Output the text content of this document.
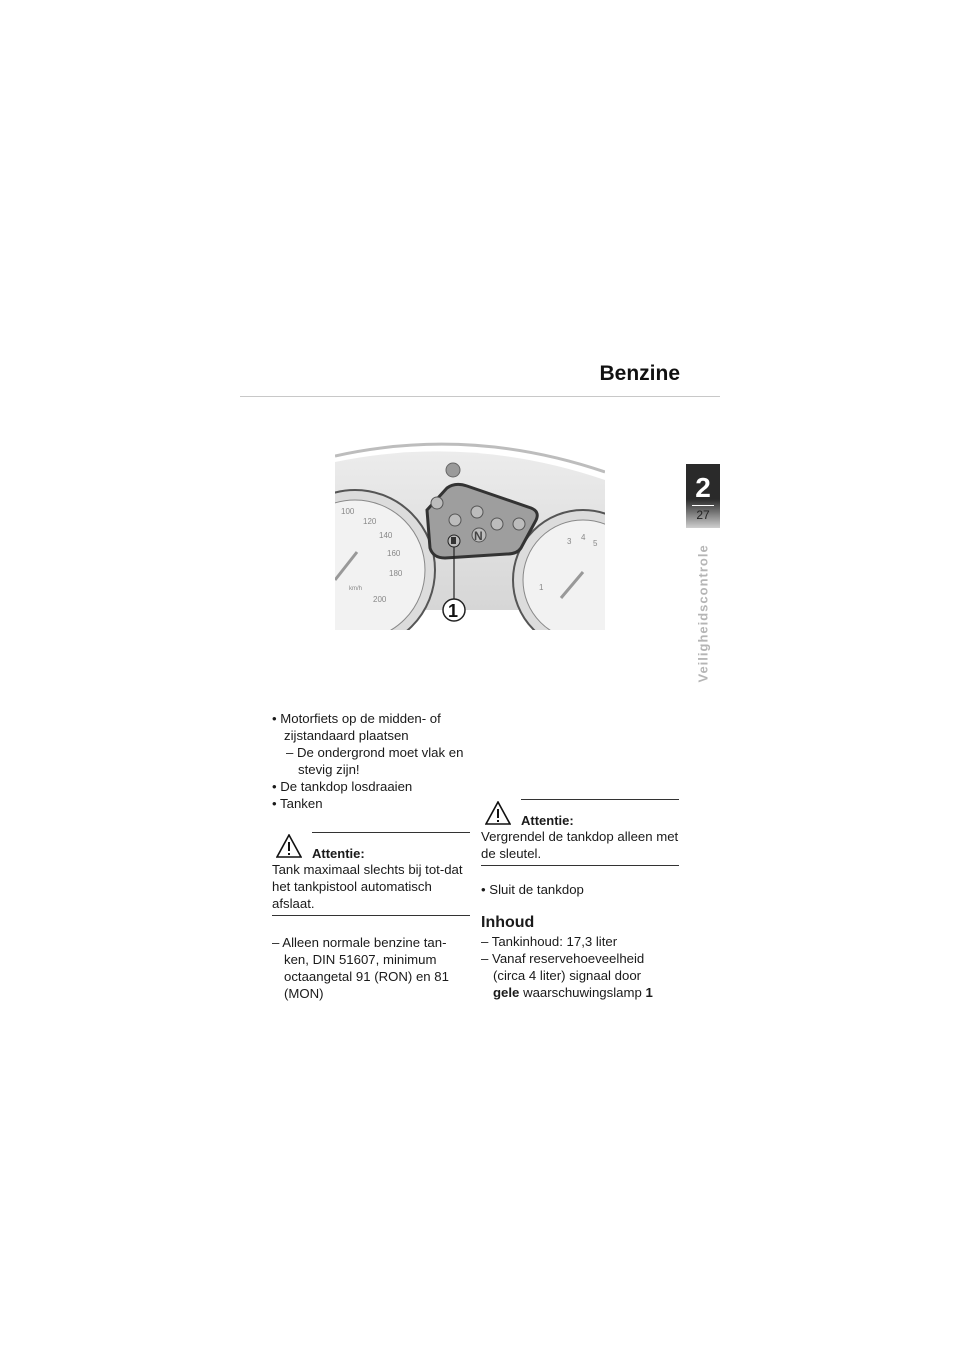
Benzine
2
27
Veiligheidscontrole
100
120
140
160
180
200
km/h	1
3 4
5
N
1

• Motorfiets op de midden- of zijstandaard plaatsen

– De ondergrond moet vlak en stevig zijn!

• De tankdop losdraaien

• Tanken

Attentie:
Tank maximaal slechts bij tot-dat het tankpistool automatisch afslaat.

– Alleen normale benzine tan-ken, DIN 51607, minimum octaangetal 91 (RON) en 81 (MON)

Attentie:
Vergrendel de tankdop alleen met de sleutel.

• Sluit de tankdop

Inhoud

– Tankinhoud: 17,3 liter

– Vanaf reservehoeveelheid (circa 4 liter) signaal door
gele waarschuwingslamp 1
